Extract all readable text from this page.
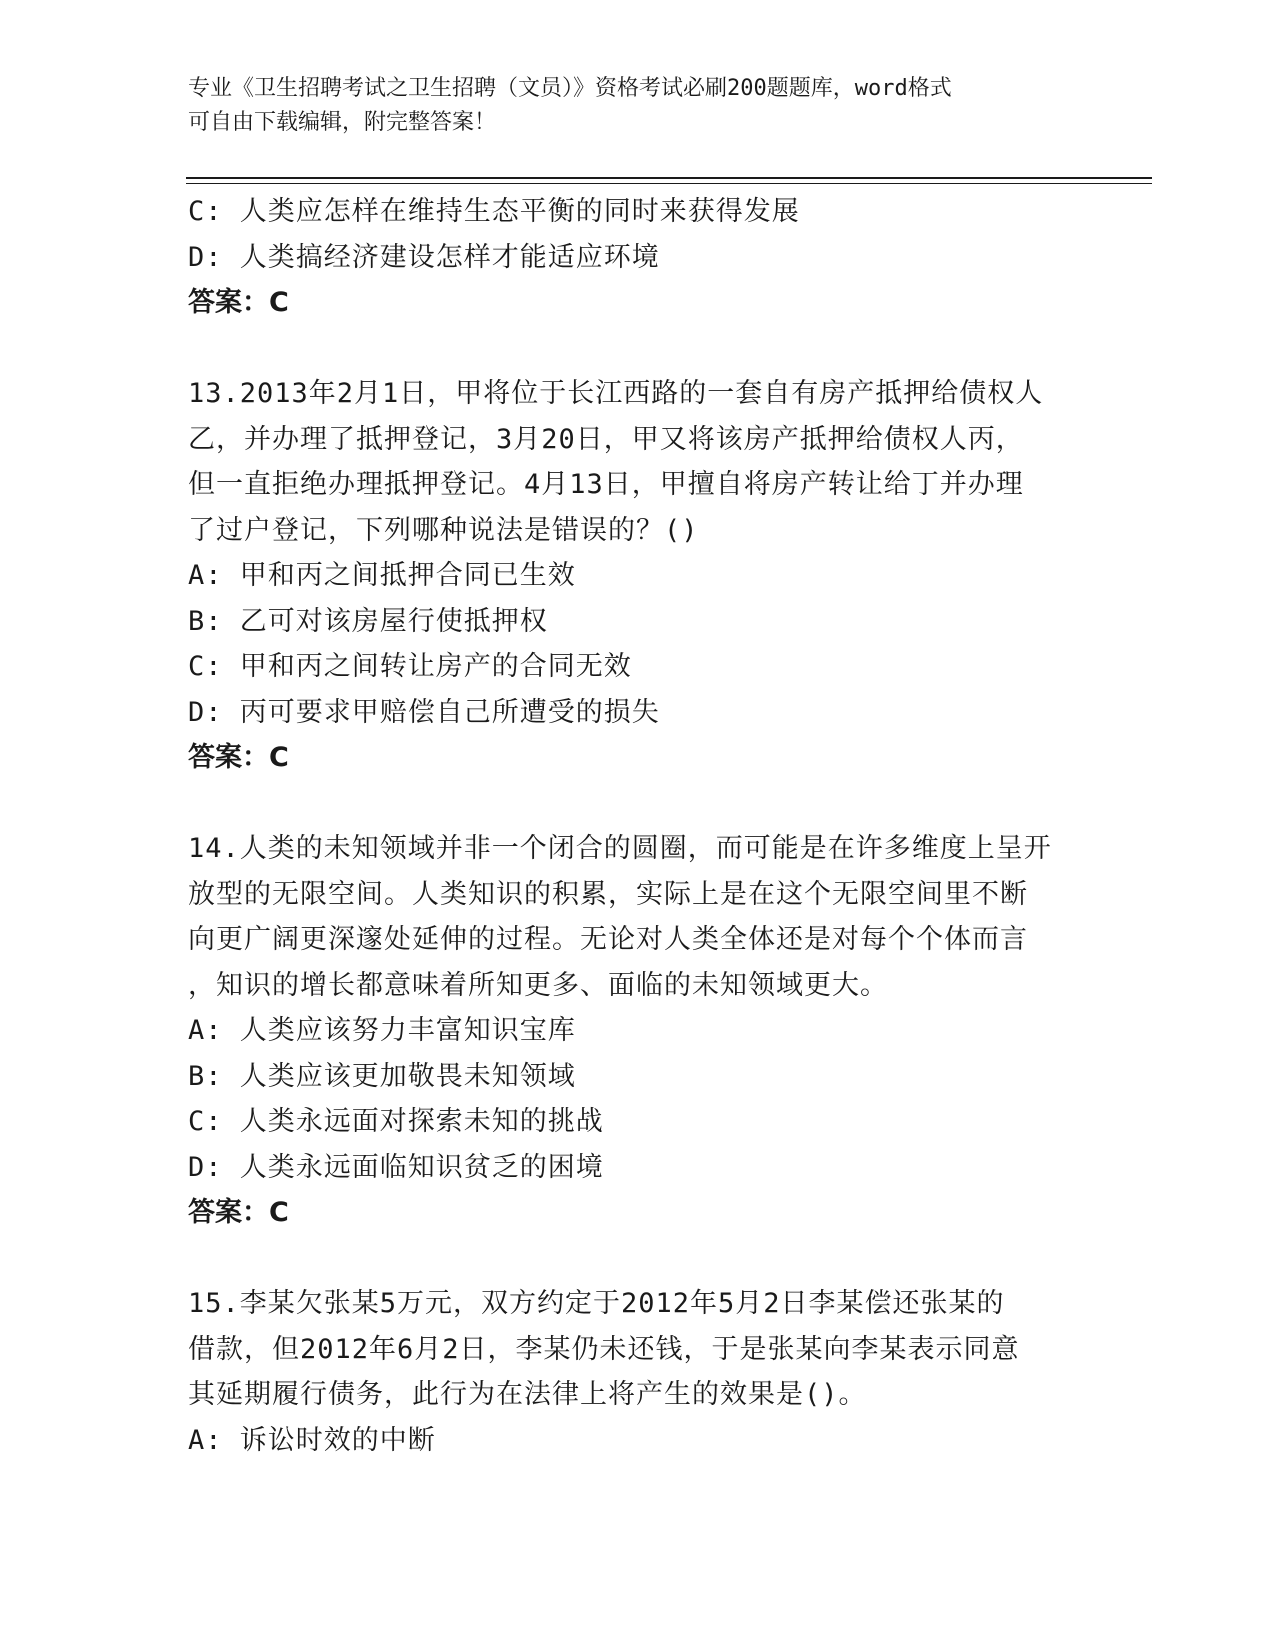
专业《卫生招聘考试之卫生招聘（文员）》资格考试必刷200题题库，word格式
可自由下载编辑，附完整答案！
C: 人类应怎样在维持生态平衡的同时来获得发展
D: 人类搞经济建设怎样才能适应环境
答案：C
13.2013年2月1日，甲将位于长江西路的一套自有房产抵押给债权人
乙，并办理了抵押登记，3月20日，甲又将该房产抵押给债权人丙，
但一直拒绝办理抵押登记。4月13日，甲擅自将房产转让给丁并办理
了过户登记，下列哪种说法是错误的？()
A: 甲和丙之间抵押合同已生效
B: 乙可对该房屋行使抵押权
C: 甲和丙之间转让房产的合同无效
D: 丙可要求甲赔偿自己所遭受的损失
答案：C
14.人类的未知领域并非一个闭合的圆圈，而可能是在许多维度上呈开
放型的无限空间。人类知识的积累，实际上是在这个无限空间里不断
向更广阔更深邃处延伸的过程。无论对人类全体还是对每个个体而言
，知识的增长都意味着所知更多、面临的未知领域更大。
A: 人类应该努力丰富知识宝库
B: 人类应该更加敬畏未知领域
C: 人类永远面对探索未知的挑战
D: 人类永远面临知识贫乏的困境
答案：C
15.李某欠张某5万元，双方约定于2012年5月2日李某偿还张某的
借款，但2012年6月2日，李某仍未还钱，于是张某向李某表示同意
其延期履行债务，此行为在法律上将产生的效果是()。
A: 诉讼时效的中断
